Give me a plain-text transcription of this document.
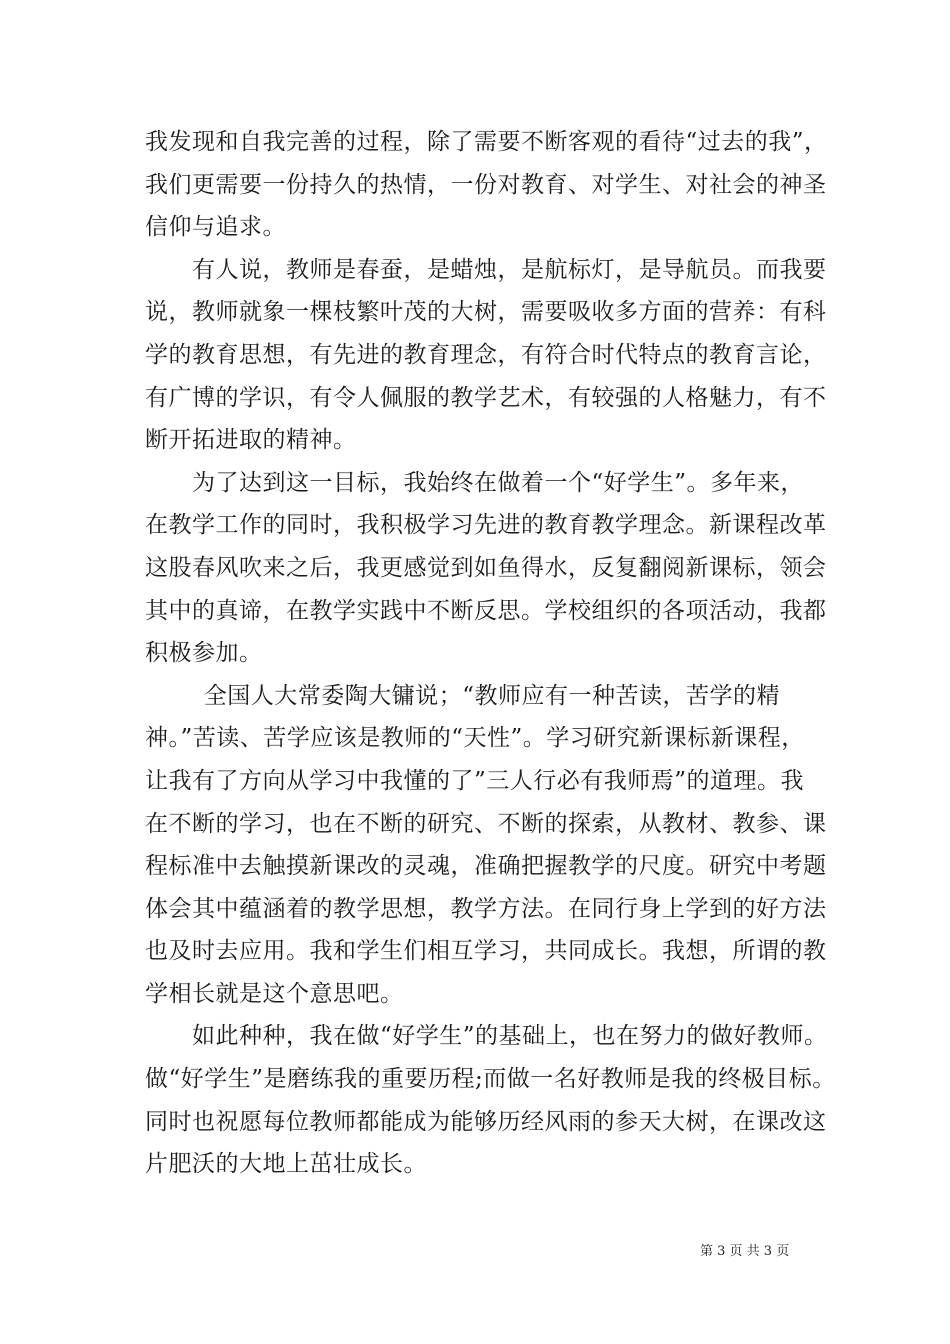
我发现和自我完善的过程，除了需要不断客观的看待“过去的我”，
我们更需要一份持久的热情，一份对教育、对学生、对社会的神圣
信仰与追求。

有人说，教师是春蚕，是蜡烛，是航标灯，是导航员。而我要
说，教师就象一棵枝繁叶茂的大树，需要吸收多方面的营养：有科
学的教育思想，有先进的教育理念，有符合时代特点的教育言论，
有广博的学识，有令人佩服的教学艺术，有较强的人格魅力，有不
断开拓进取的精神。

为了达到这一目标，我始终在做着一个“好学生”。多年来，
在教学工作的同时，我积极学习先进的教育教学理念。新课程改革
这股春风吹来之后，我更感觉到如鱼得水，反复翻阅新课标，领会
其中的真谛，在教学实践中不断反思。学校组织的各项活动，我都
积极参加。

全国人大常委陶大镛说；“教师应有一种苦读，苦学的精
神。”苦读、苦学应该是教师的“天性”。学习研究新课标新课程，
让我有了方向从学习中我懂的了”三人行必有我师焉”的道理。我
在不断的学习，也在不断的研究、不断的探索，从教材、教参、课
程标准中去触摸新课改的灵魂，准确把握教学的尺度。研究中考题
体会其中蕴涵着的教学思想，教学方法。在同行身上学到的好方法
也及时去应用。我和学生们相互学习，共同成长。我想，所谓的教
学相长就是这个意思吧。

如此种种，我在做“好学生”的基础上，也在努力的做好教师。
做“好学生”是磨练我的重要历程;而做一名好教师是我的终极目标。
同时也祝愿每位教师都能成为能够历经风雨的参天大树，在课改这
片肥沃的大地上茁壮成长。

第 3 页 共 3 页
